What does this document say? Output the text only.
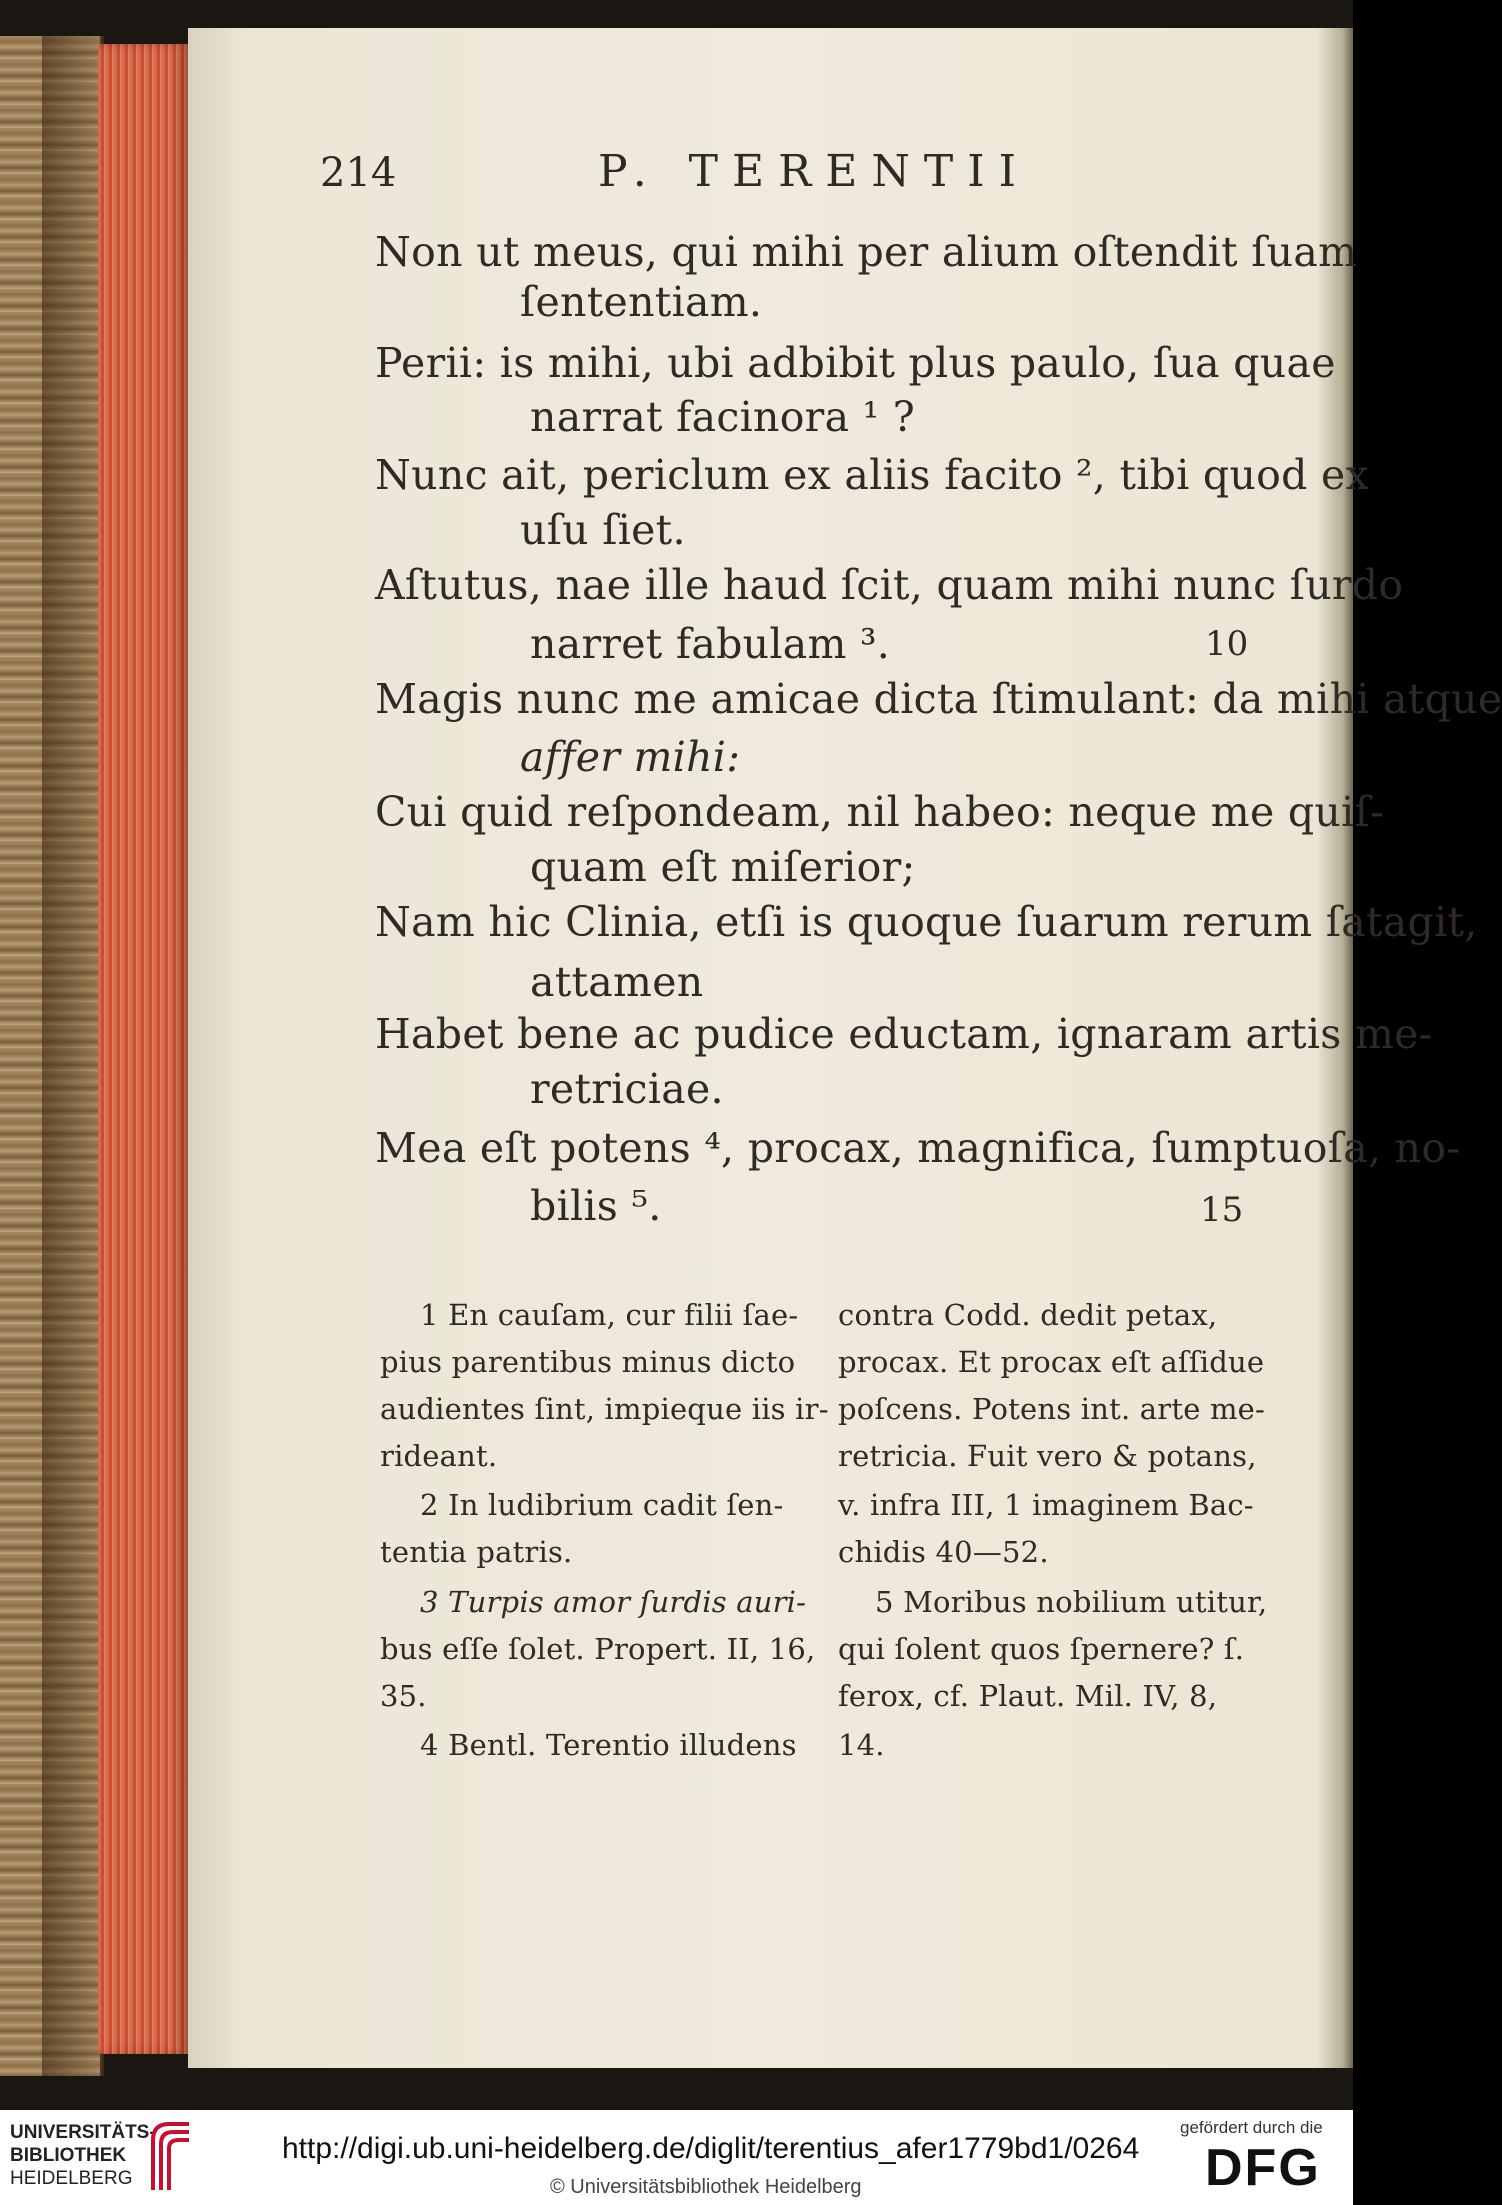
214	P. TERENTII
Non ut meus, qui mihi per alium oſtendit ſuam
ſententiam.
Perii: is mihi, ubi adbibit plus paulo, ſua quae
narrat facinora ¹ ?
Nunc ait, periclum ex aliis facito ², tibi quod ex
uſu ſiet.
Aſtutus, nae ille haud ſcit, quam mihi nunc ſurdo
narret fabulam ³.	10
Magis nunc me amicae dicta ſtimulant: da mihi atque
affer mihi:
Cui quid reſpondeam, nil habeo: neque me quiſ-
quam eſt miſerior;
Nam hic Clinia, etſi is quoque ſuarum rerum ſatagit,
attamen
Habet bene ac pudice eductam, ignaram artis me-
retriciae.
Mea eſt potens ⁴, procax, magnifica, ſumptuoſa, no-
bilis ⁵.	15
1 En cauſam, cur filii ſae-
pius parentibus minus dicto
audientes ſint, impieque iis ir-
rideant.
2 In ludibrium cadit ſen-
tentia patris.
3 Turpis amor ſurdis auri-
bus eſſe ſolet. Propert. II, 16,
35.
4 Bentl. Terentio illudens
contra Codd. dedit petax,
procax. Et procax eſt aſſidue
poſcens. Potens int. arte me-
retricia. Fuit vero & potans,
v. infra III, 1 imaginem Bac-
chidis 40—52.
5 Moribus nobilium utitur,
qui ſolent quos ſpernere? ſ.
ferox, cf. Plaut. Mil. IV, 8,
14.
UNIVERSITÄTS-
BIBLIOTHEK
HEIDELBERG
http://digi.ub.uni-heidelberg.de/diglit/terentius_afer1779bd1/0264
© Universitätsbibliothek Heidelberg
gefördert durch die
DFG
